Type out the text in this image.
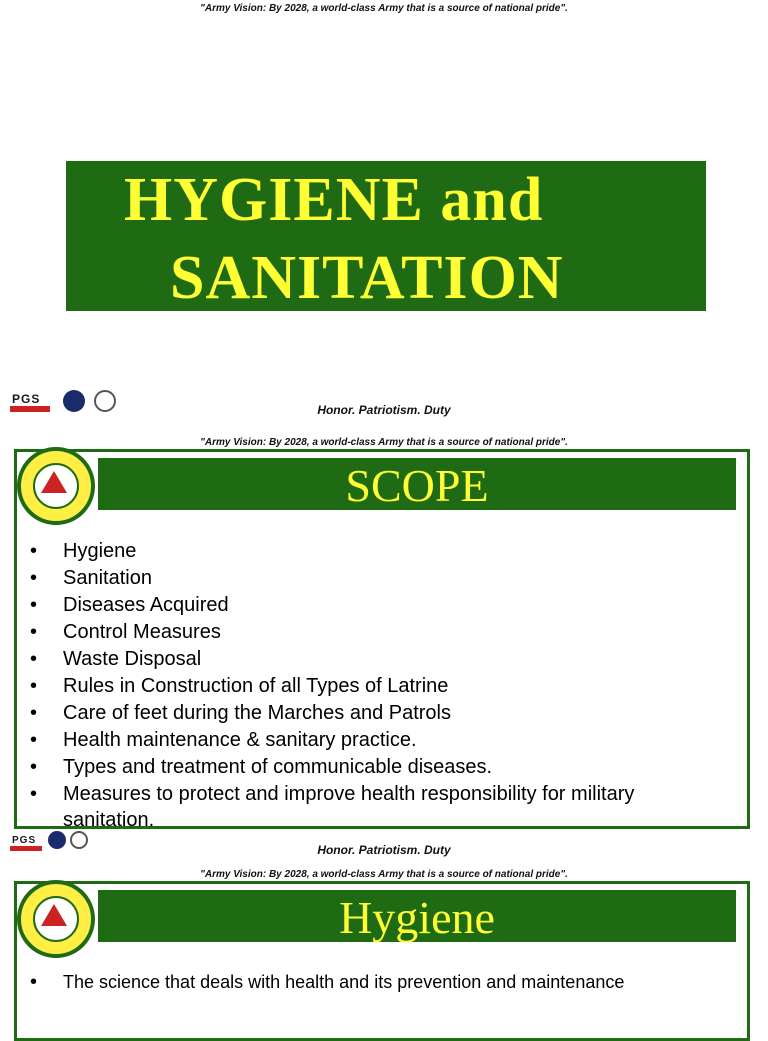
"Army Vision: By 2028, a world-class Army that is a source of national pride".
HYGIENE and
SANITATION
PGS
Honor. Patriotism. Duty
"Army Vision: By 2028, a world-class Army that is a source of national pride".
SCOPE
• Hygiene
• Sanitation
• Diseases Acquired
• Control Measures
• Waste Disposal
• Rules in Construction of all Types of Latrine
• Care of feet during the Marches and Patrols
• Health maintenance & sanitary practice.
• Types and treatment of communicable diseases.
• Measures to protect and improve health responsibility for military sanitation.
PGS
Honor. Patriotism. Duty
"Army Vision: By 2028, a world-class Army that is a source of national pride".
Hygiene
• The science that deals with health and its prevention and maintenance
